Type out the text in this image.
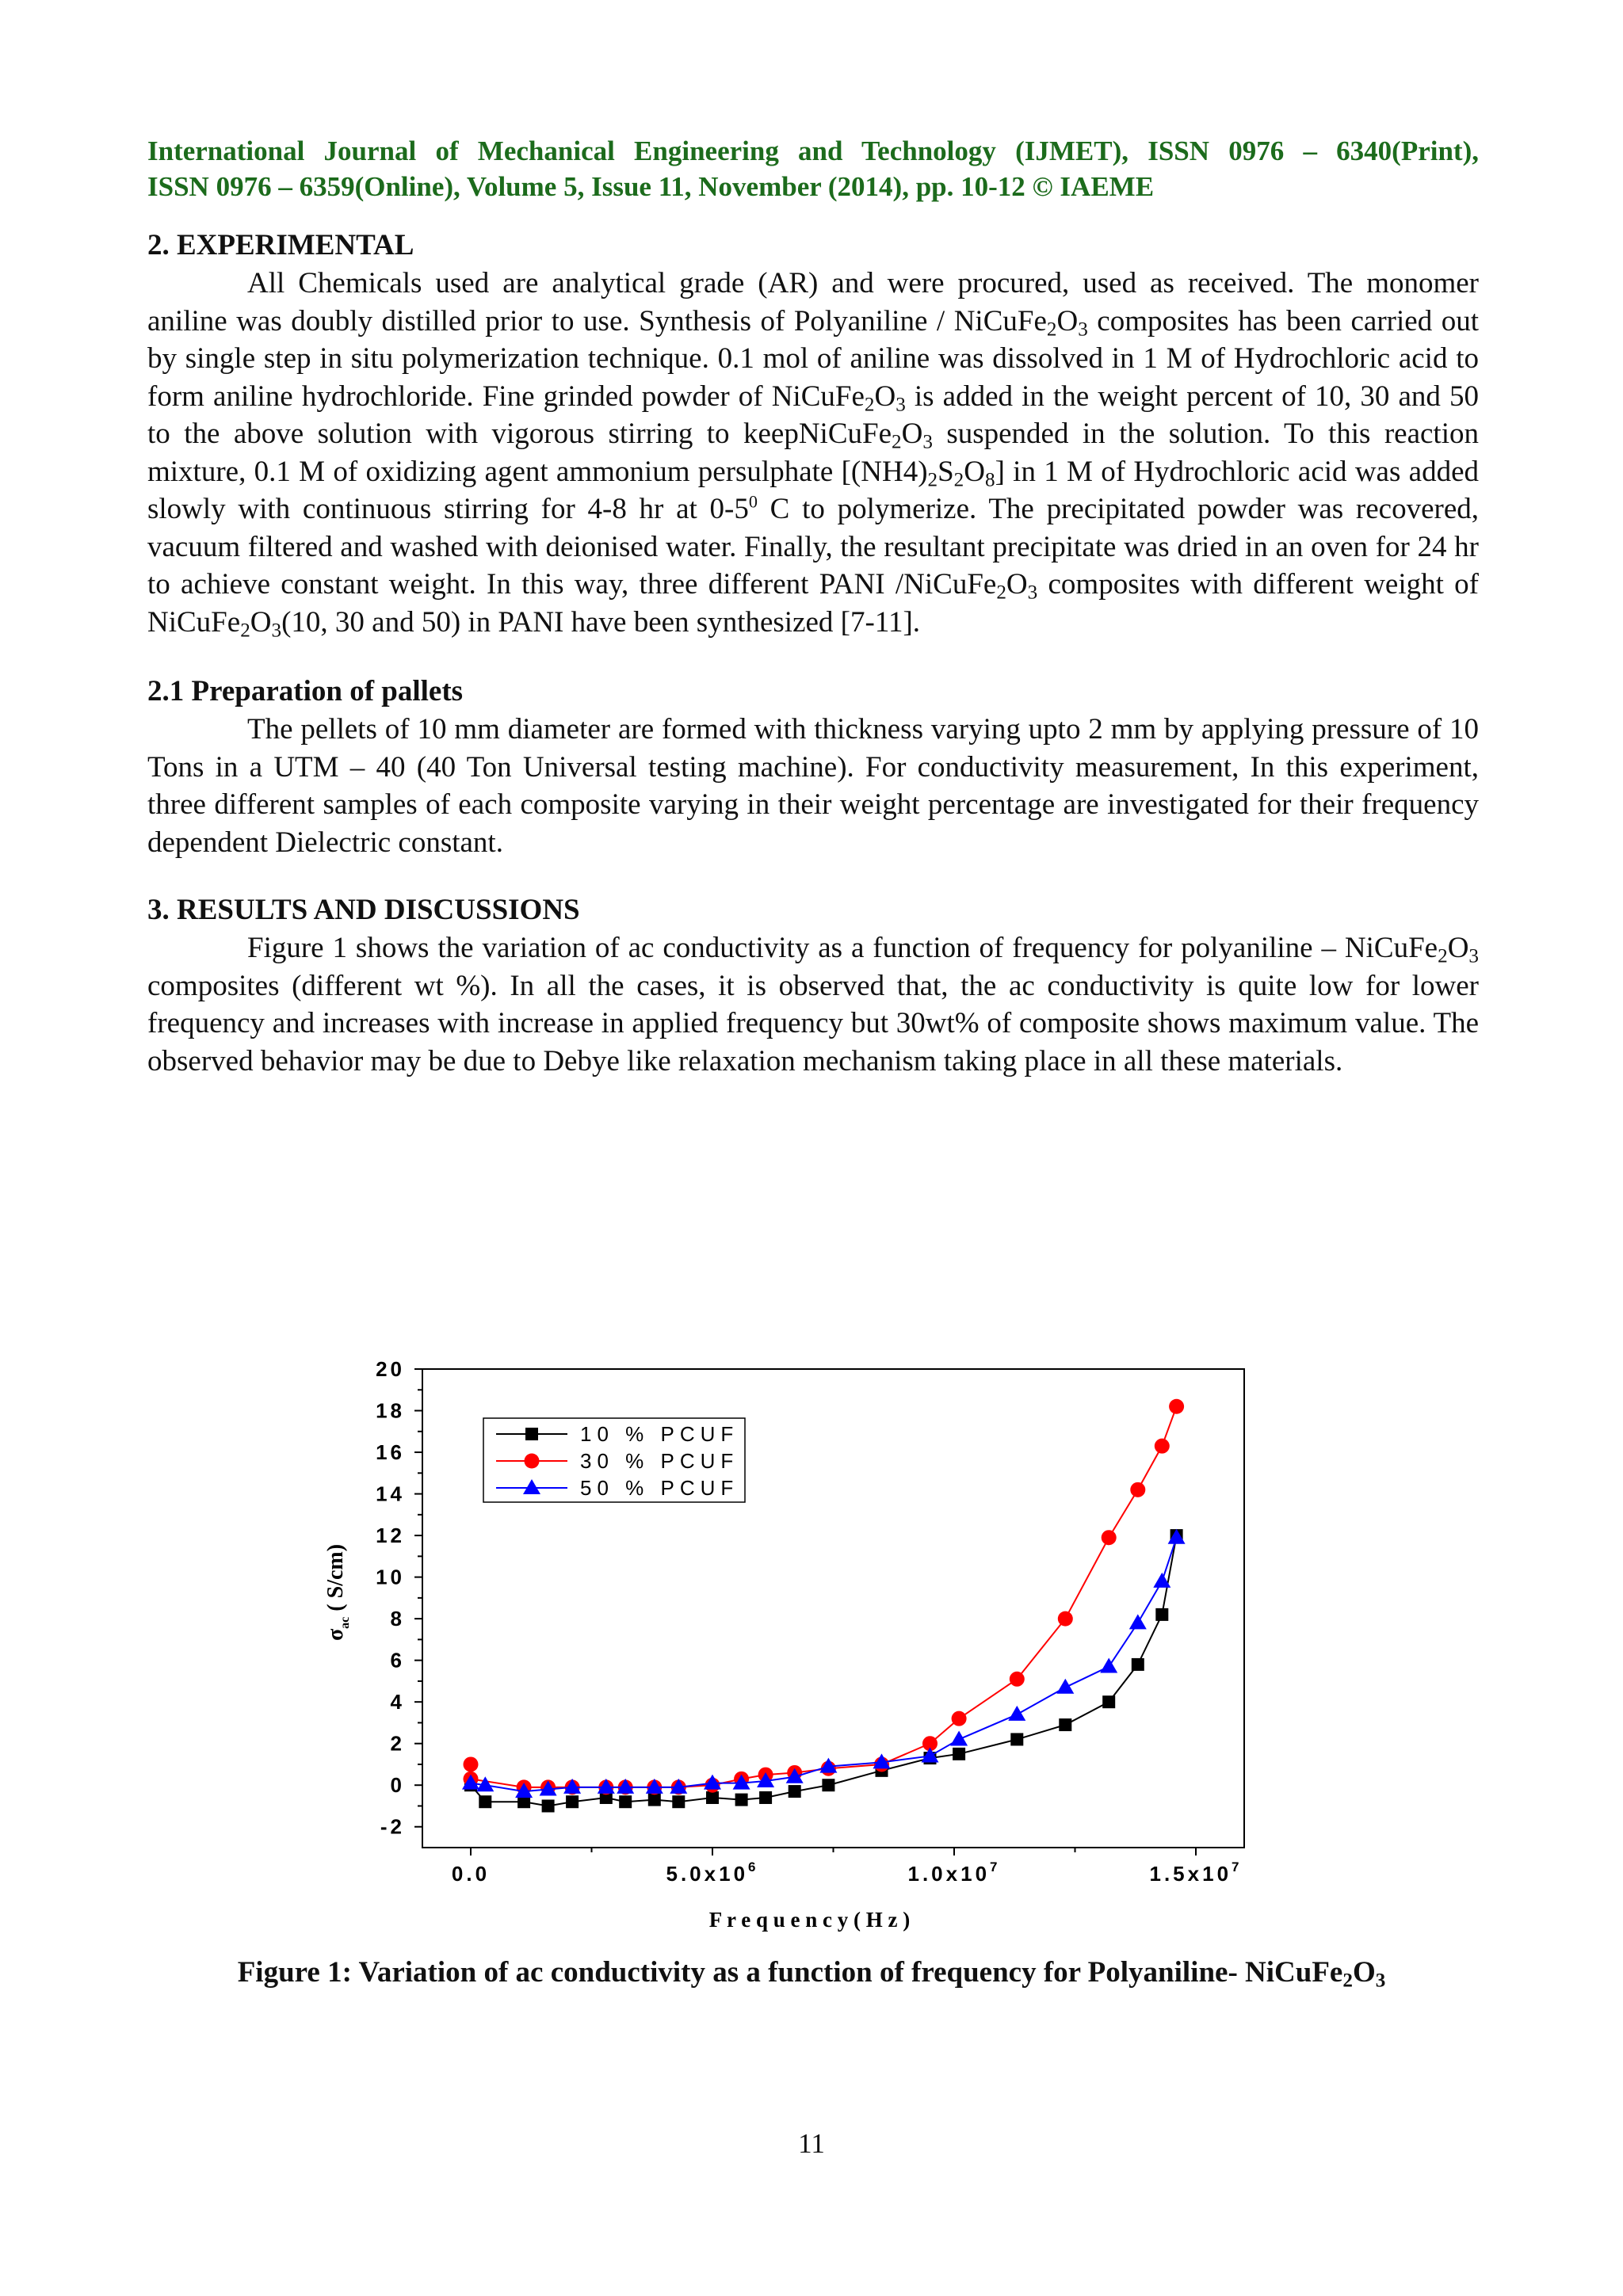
International Journal of Mechanical Engineering and Technology (IJMET), ISSN 0976 – 6340(Print),
ISSN 0976 – 6359(Online), Volume 5, Issue 11, November (2014), pp. 10-12 © IAEME
2. EXPERIMENTAL

All Chemicals used are analytical grade (AR) and were procured, used as received. The monomer aniline was doubly distilled prior to use. Synthesis of Polyaniline / $NiCuFe_2O_3$ composites has been carried out by single step in situ polymerization technique. 0.1 mol of aniline was dissolved in 1 M of Hydrochloric acid to form aniline hydrochloride. Fine grinded powder of $NiCuFe_2O_3$ is added in the weight percent of 10, 30 and 50 to the above solution with vigorous stirring to $keepNiCuFe_2O_3$ suspended in the solution. To this reaction mixture, 0.1 M of oxidizing agent ammonium persulphate $[(NH4)_2S_2O_8]$ in 1 M of Hydrochloric acid was added slowly with continuous stirring for 4-8 hr at $0-5^0$ C to polymerize. The precipitated powder was recovered, vacuum filtered and washed with deionised water. Finally, the resultant precipitate was dried in an oven for 24 hr to achieve constant weight. In this way, three different PANI $/NiCuFe_2O_3$ composites with different weight of $NiCuFe_2O_3(10$, 30 and 50) in PANI have been synthesized [7-11].

2.1 Preparation of pallets

The pellets of 10 mm diameter are formed with thickness varying upto 2 mm by applying pressure of 10 Tons in a UTM – 40 (40 Ton Universal testing machine). For conductivity measurement, In this experiment, three different samples of each composite varying in their weight percentage are investigated for their frequency dependent Dielectric constant.

3. RESULTS AND DISCUSSIONS

Figure 1 shows the variation of ac conductivity as a function of frequency for polyaniline – $NiCuFe_2O_3$ composites (different wt %). In all the cases, it is observed that, the ac conductivity is quite low for lower frequency and increases with increase in applied frequency but 30wt% of composite shows maximum value. The observed behavior may be due to Debye like relaxation mechanism taking place in all these materials.

-2
0
2
4
6
8
10
12
14
16
18
20
0.0	$5.0x10^6$	$1.0x10^7$	$1.5x10^7$
F r e q u e n c y ( H z )
$\sigma_{ac}$ ( S/cm)
10 % PCUF
30 % PCUF
50 % PCUF
Figure 1: Variation of ac conductivity as a function of frequency for Polyaniline- $NiCuFe_2O_3$
11
